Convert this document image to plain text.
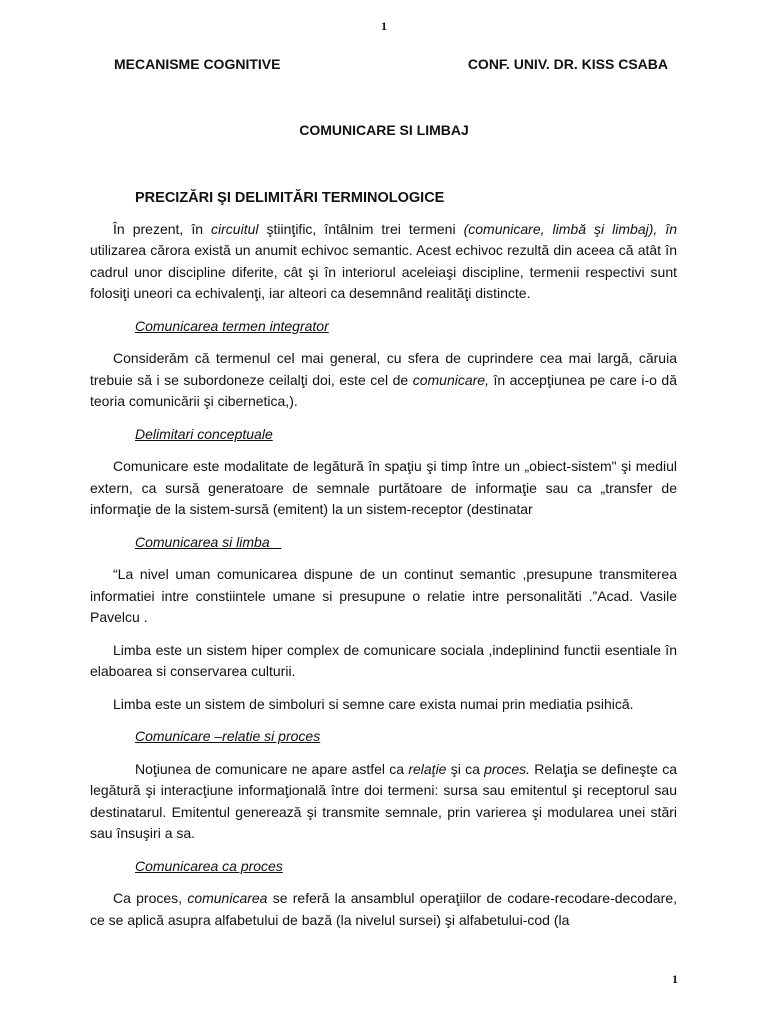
1
MECANISME COGNITIVE	CONF. UNIV. DR. KISS CSABA
COMUNICARE SI LIMBAJ
PRECIZĂRI ŞI DELIMITĂRI TERMINOLOGICE

În prezent, în circuitul ştiinţific, întâlnim trei termeni (comunicare, limbă şi limbaj), în utilizarea cărora există un anumit echivoc semantic. Acest echivoc rezultă din aceea că atât în cadrul unor discipline diferite, cât şi în interiorul aceleiaşi discipline, termenii respectivi sunt folosiţi uneori ca echivalenţi, iar alteori ca desemnând realităţi distincte.

Comunicarea termen integrator

Considerăm că termenul cel mai general, cu sfera de cuprindere cea mai largă, căruia trebuie să i se subordoneze ceilalţi doi, este cel de comunicare, în accepţiunea pe care i-o dă teoria comunicării şi cibernetica,).

Delimitari conceptuale

Comunicare este modalitate de legătură în spaţiu şi timp între un „obiect-sistem" şi mediul extern, ca sursă generatoare de semnale purtătoare de informaţie sau ca „transfer de informaţie de la sistem-sursă (emitent) la un sistem-receptor (destinatar

Comunicarea si limba _

“La nivel uman comunicarea dispune de un continut semantic ,presupune transmiterea informatiei intre constiintele umane si presupune o relatie intre personalităti .”Acad. Vasile Pavelcu .

Limba este un sistem hiper complex de comunicare sociala ,indeplinind functii esentiale în elaboarea si conservarea culturii.

Limba este un sistem de simboluri si semne care exista numai prin mediatia psihică.

Comunicare –relatie si proces

Noţiunea de comunicare ne apare astfel ca relaţie şi ca proces. Relaţia se defineşte ca legătură şi interacţiune informaţională între doi termeni: sursa sau emitentul şi receptorul sau destinatarul. Emitentul generează şi transmite semnale, prin varierea şi modularea unei stări sau însuşiri a sa.

Comunicarea ca proces

Ca proces, comunicarea se referă la ansamblul operaţiilor de codare-recodare-decodare, ce se aplică asupra alfabetului de bază (la nivelul sursei) şi alfabetului-cod (la

1
